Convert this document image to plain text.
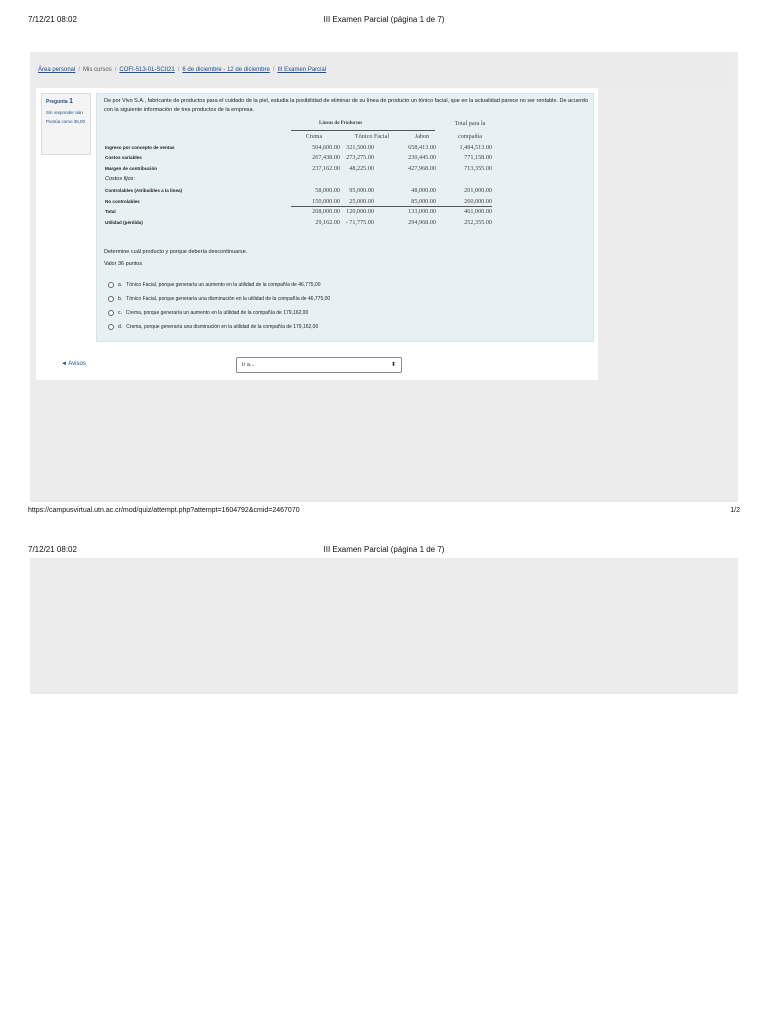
7/12/21 08:02	III Examen Parcial (página 1 de 7)
Área personal / Mis cursos / COFI-513-01-SCII21 / 6 de diciembre - 12 de diciembre / III Examen Parcial
Pregunta 1
Sin responder aún
Puntúa como 36,00
De por Vivo S.A., fabricante de productos para el cuidado de la piel, estudia la posibilidad de eliminar de su línea de producto un tónico facial, que en la actualidad parece no ser rentable. De acuerdo con la siguiente información de tres productos de la empresa.
Líneas de Productos	Total para la
Crema	Tónico Facial	Jabon	compañía
Ingreso por concepto de ventas	504,600.00 321,500.00	658,413.00	1,484,513.00
Costos variables	267,438.00 273,275.00	230,445.00	771,158.00
Margen de contribución	237,162.00	48,225.00	427,968.00	713,355.00
Costos fijos:
Controlables (Atribuibles a la línea)	58,000.00	95,000.00	48,000.00	201,000.00
No controlables	150,000.00	25,000.00	85,000.00	260,000.00
Total	208,000.00 120,000.00	133,000.00	461,000.00
Utilidad (pérdida)	29,162.00 - 71,775.00	294,968.00	252,355.00
Determine cuál producto y porque debería descontinuarse.
Valor 36 puntos
a. Tónico Facial, porque generaría un aumento en la utilidad de la compañía de 46,775,00
b. Tónico Facial, porque generaría una disminución en la utilidad de la compañía de 46,775,00
c. Crema, porque generaría un aumento en la utilidad de la compañía de 179,162,00
d. Crema, porque generaría una disminución en la utilidad de la compañía de 179,162,00
◄ Avisos	Ir a...	⬍
https://campusvirtual.utn.ac.cr/mod/quiz/attempt.php?attempt=1604792&cmid=2467070	1/2
7/12/21 08:02	III Examen Parcial (página 1 de 7)
